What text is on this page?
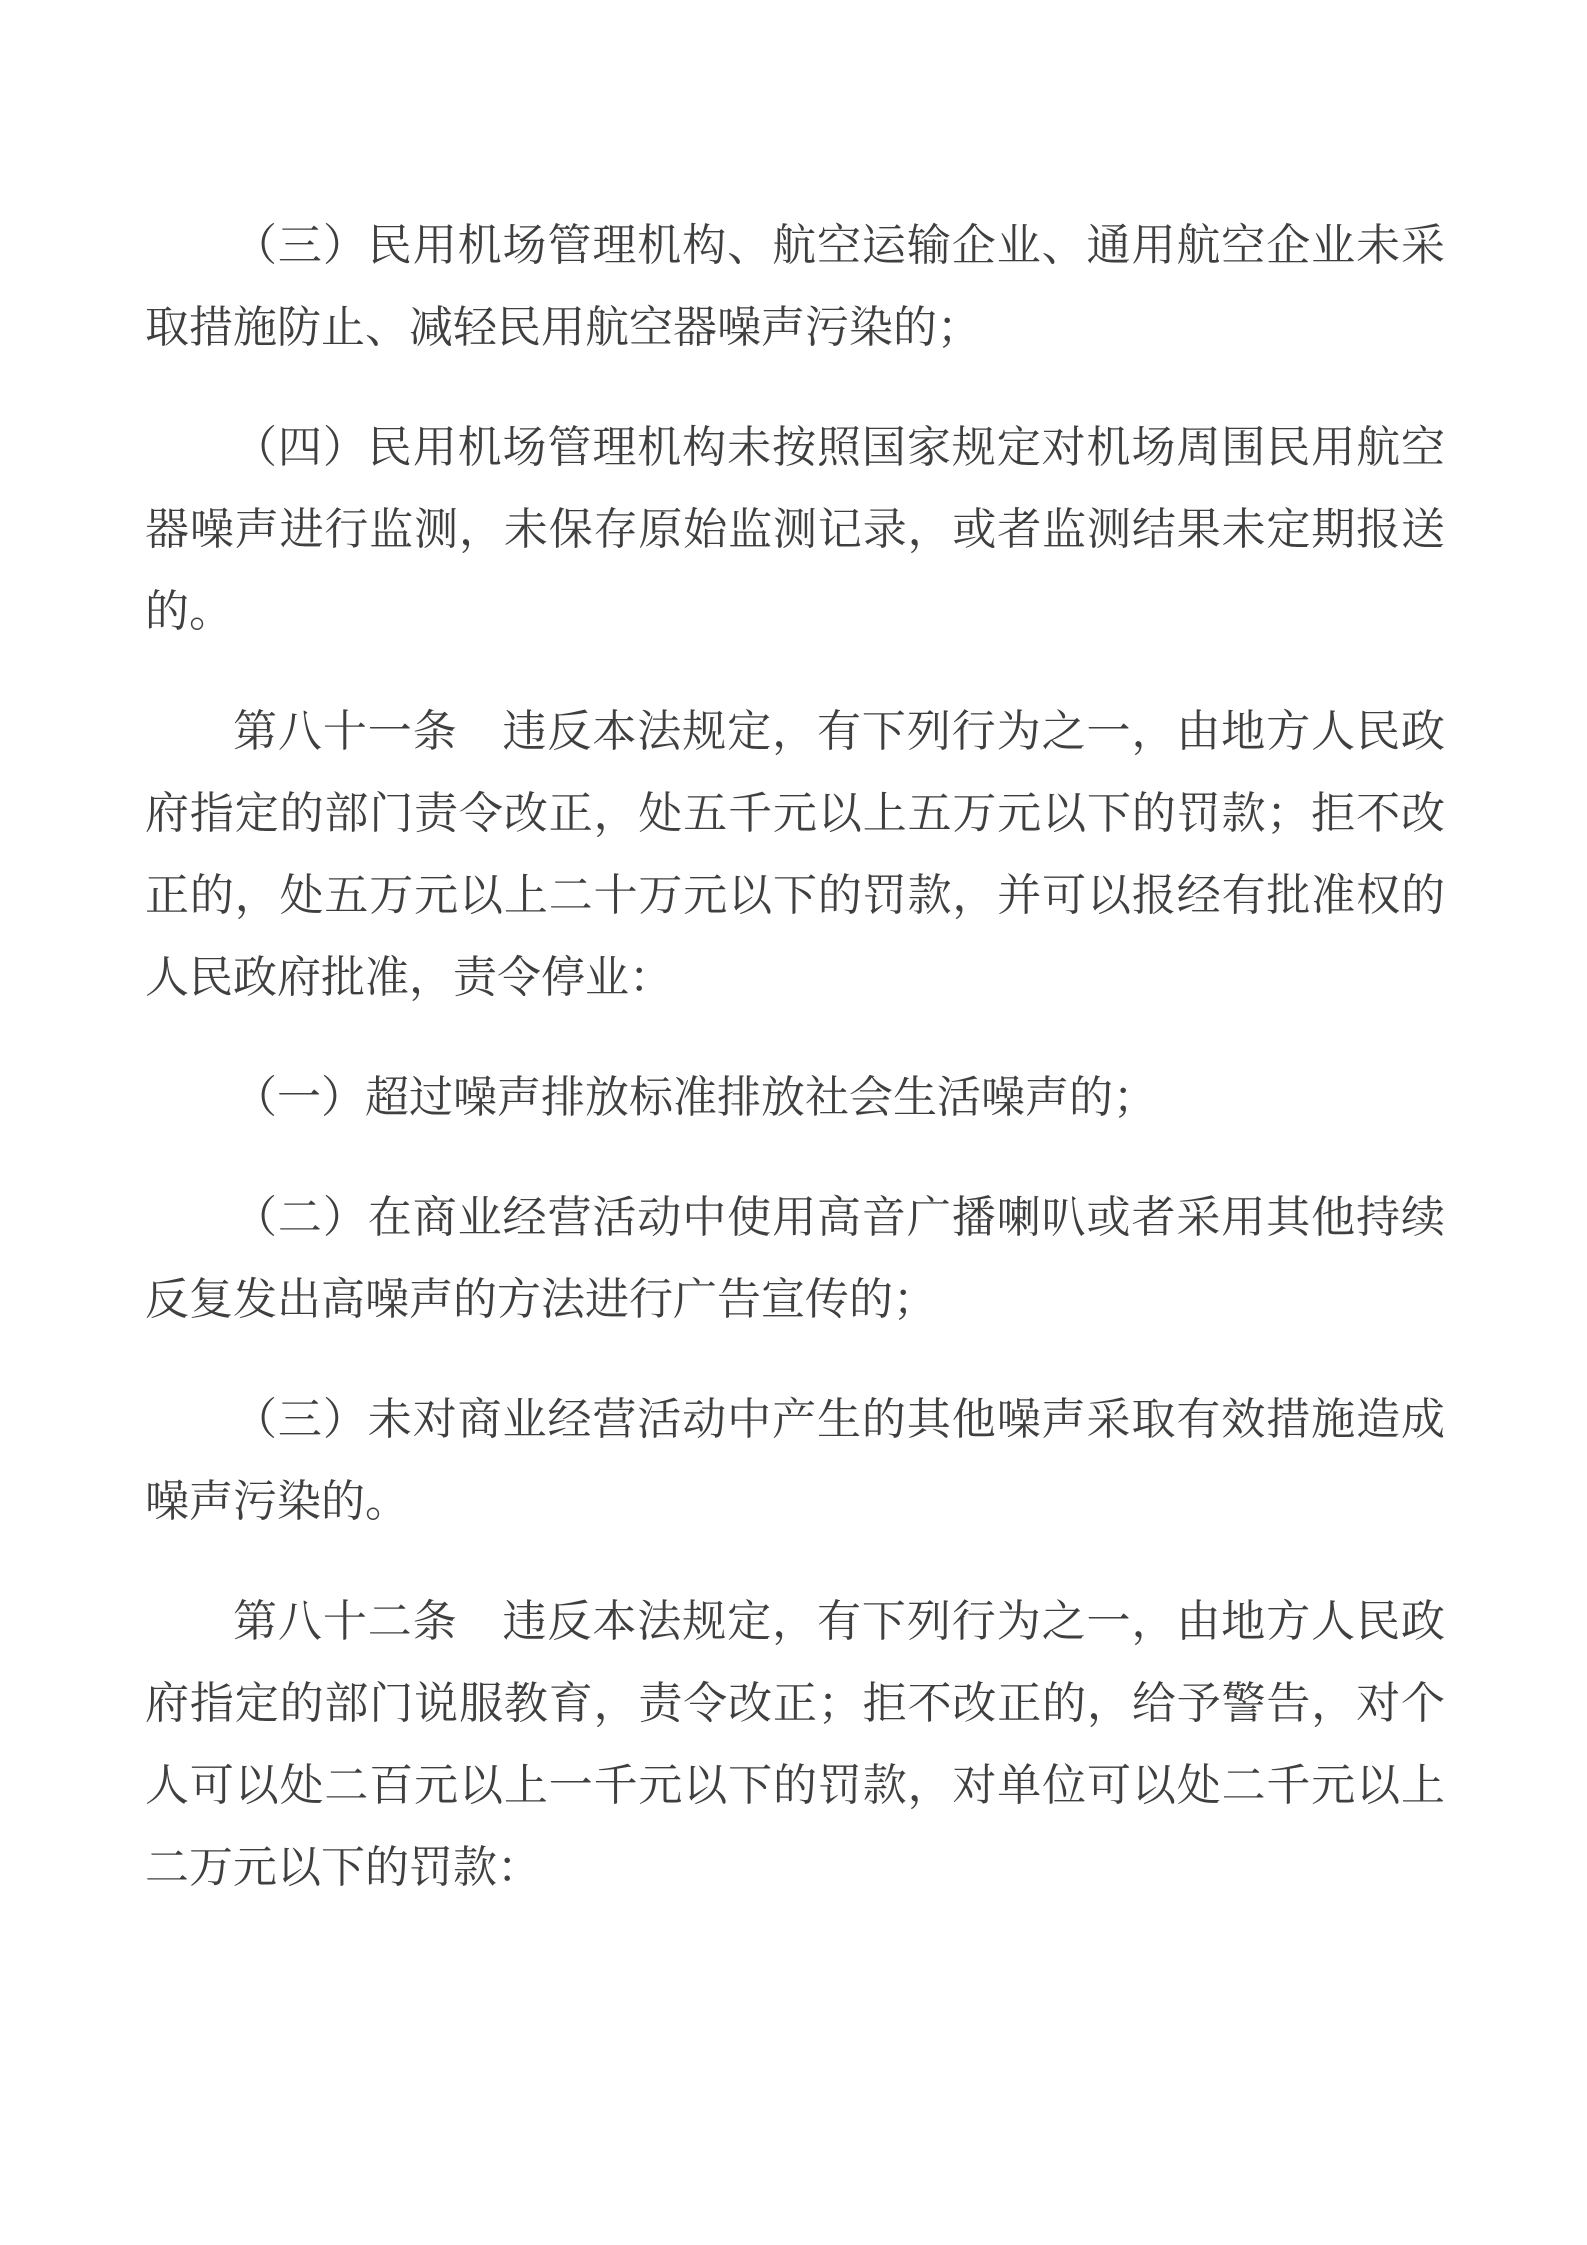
（三）民用机场管理机构、航空运输企业、通用航空企业未采取措施防止、减轻民用航空器噪声污染的；

（四）民用机场管理机构未按照国家规定对机场周围民用航空器噪声进行监测，未保存原始监测记录，或者监测结果未定期报送的。

第八十一条　违反本法规定，有下列行为之一，由地方人民政府指定的部门责令改正，处五千元以上五万元以下的罚款；拒不改正的，处五万元以上二十万元以下的罚款，并可以报经有批准权的人民政府批准，责令停业：

（一）超过噪声排放标准排放社会生活噪声的；

（二）在商业经营活动中使用高音广播喇叭或者采用其他持续反复发出高噪声的方法进行广告宣传的；

（三）未对商业经营活动中产生的其他噪声采取有效措施造成噪声污染的。

第八十二条　违反本法规定，有下列行为之一，由地方人民政府指定的部门说服教育，责令改正；拒不改正的，给予警告，对个人可以处二百元以上一千元以下的罚款，对单位可以处二千元以上二万元以下的罚款：
